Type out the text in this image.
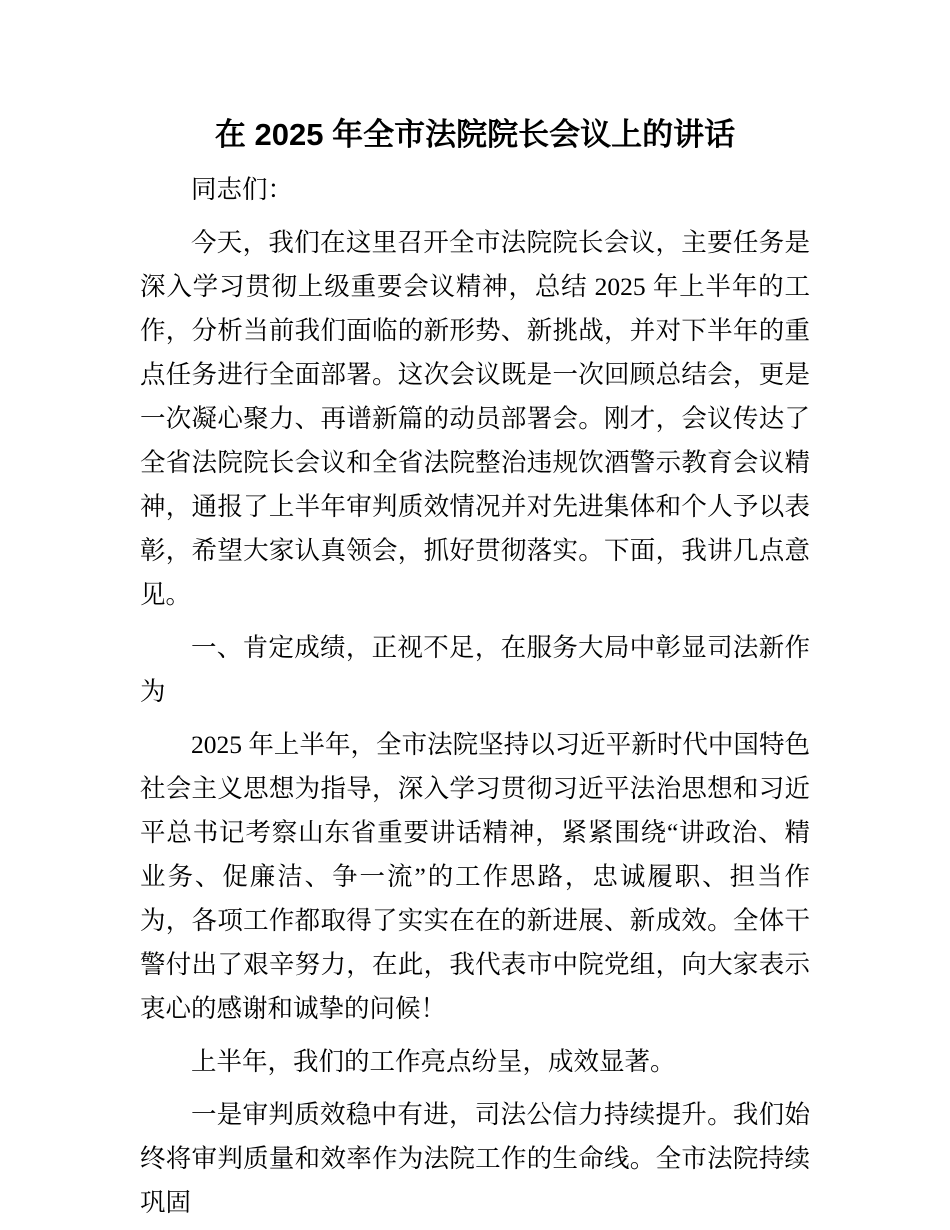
在 2025 年全市法院院长会议上的讲话

同志们：

今天，我们在这里召开全市法院院长会议，主要任务是深入学习贯彻上级重要会议精神，总结 2025 年上半年的工作，分析当前我们面临的新形势、新挑战，并对下半年的重点任务进行全面部署。这次会议既是一次回顾总结会，更是一次凝心聚力、再谱新篇的动员部署会。刚才，会议传达了全省法院院长会议和全省法院整治违规饮酒警示教育会议精神，通报了上半年审判质效情况并对先进集体和个人予以表彰，希望大家认真领会，抓好贯彻落实。下面，我讲几点意见。

一、肯定成绩，正视不足，在服务大局中彰显司法新作为

2025 年上半年，全市法院坚持以习近平新时代中国特色社会主义思想为指导，深入学习贯彻习近平法治思想和习近平总书记考察山东省重要讲话精神，紧紧围绕“讲政治、精业务、促廉洁、争一流”的工作思路，忠诚履职、担当作为，各项工作都取得了实实在在的新进展、新成效。全体干警付出了艰辛努力，在此，我代表市中院党组，向大家表示衷心的感谢和诚挚的问候！

上半年，我们的工作亮点纷呈，成效显著。

一是审判质效稳中有进，司法公信力持续提升。我们始终将审判质量和效率作为法院工作的生命线。全市法院持续巩固
